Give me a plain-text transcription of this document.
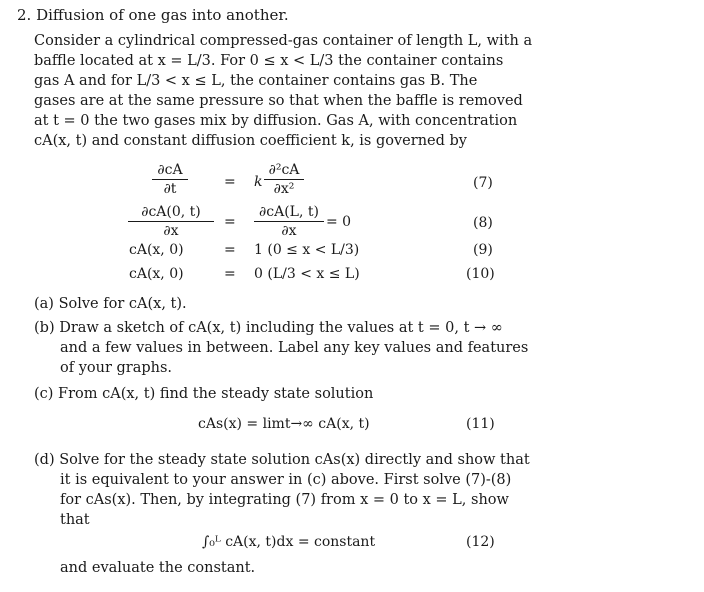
2. Diffusion of one gas into another.
Consider a cylindrical compressed-gas container of length L, with a
baffle located at x = L/3. For 0 ≤ x < L/3 the container contains
gas A and for L/3 < x ≤ L, the container contains gas B. The
gases are at the same pressure so that when the baffle is removed
at t = 0 the two gases mix by diffusion. Gas A, with concentration
cA(x, t) and constant diffusion coefficient k, is governed by
$\frac{\partial cA}{\partial t}$	= k $\frac{\text{∂²cA}}{\text{∂x²}}$	(7)
$\frac{\partial cA(0, t)}{\partial x} = \frac{\partial cA(L, t)}{\partial x} = 0$	(8)
cA(x, 0)	= 1 (0 ≤ x < L/3)	(9)
cA(x, 0)	= 0 (L/3 < x ≤ L)	(10)
(a) Solve for cA(x, t).
(b) Draw a sketch of cA(x, t) including the values at t = 0, t → ∞
and a few values in between. Label any key values and features
of your graphs.
(c) From cA(x, t) find the steady state solution
cAs(x) = limt→∞ cA(x, t)	(11)
(d) Solve for the steady state solution cAs(x) directly and show that
it is equivalent to your answer in (c) above. First solve (7)-(8)
for cAs(x). Then, by integrating (7) from x = 0 to x = L, show
that
∫₀ᴸ cA(x, t)dx = constant	(12)
and evaluate the constant.
